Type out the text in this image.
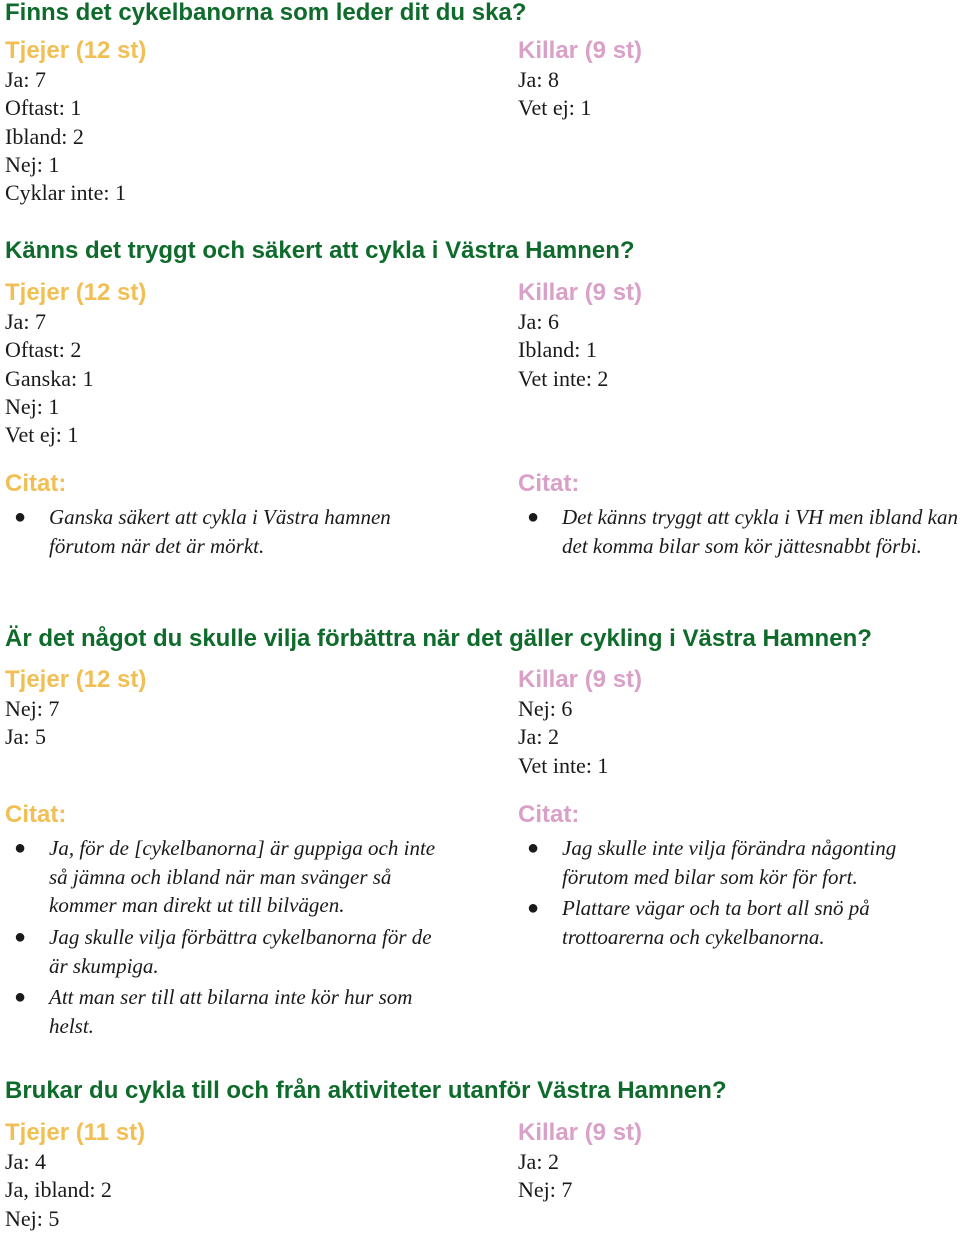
Finns det cykelbanorna som leder dit du ska?
Tjejer (12 st)
Ja: 7
Oftast: 1
Ibland: 2
Nej: 1
Cyklar inte: 1
Killar (9 st)
Ja: 8
Vet ej: 1
Känns det tryggt och säkert att cykla i Västra Hamnen?
Tjejer (12 st)
Ja: 7
Oftast: 2
Ganska: 1
Nej: 1
Vet ej: 1
Citat:
● Ganska säkert att cykla i Västra hamnen förutom när det är mörkt.
Killar (9 st)
Ja: 6
Ibland: 1
Vet inte: 2
Citat:
● Det känns tryggt att cykla i VH men ibland kan det komma bilar som kör jättesnabbt förbi.
Är det något du skulle vilja förbättra när det gäller cykling i Västra Hamnen?
Tjejer (12 st)
Nej: 7
Ja: 5
Citat:
● Ja, för de [cykelbanorna] är guppiga och inte så jämna och ibland när man svänger så kommer man direkt ut till bilvägen.
● Jag skulle vilja förbättra cykelbanorna för de är skumpiga.
● Att man ser till att bilarna inte kör hur som helst.
Killar (9 st)
Nej: 6
Ja: 2
Vet inte: 1
Citat:
● Jag skulle inte vilja förändra någonting förutom med bilar som kör för fort.
● Plattare vägar och ta bort all snö på trottoarerna och cykelbanorna.
Brukar du cykla till och från aktiviteter utanför Västra Hamnen?
Tjejer (11 st)
Ja: 4
Ja, ibland: 2
Nej: 5
Killar (9 st)
Ja: 2
Nej: 7
